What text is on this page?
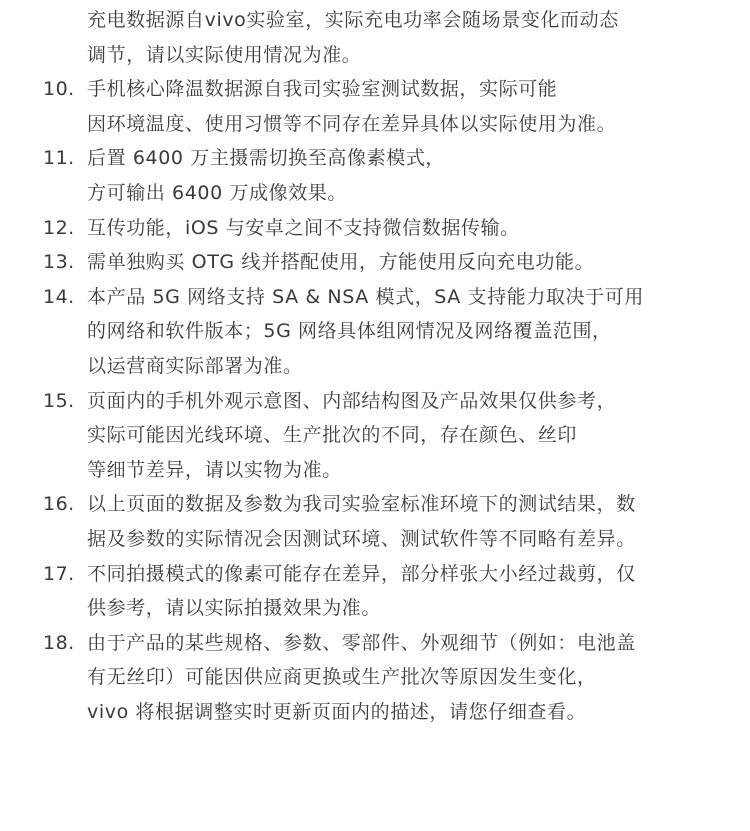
充电数据源自vivo实验室，实际充电功率会随场景变化而动态
调节，请以实际使用情况为准。
10. 手机核心降温数据源自我司实验室测试数据，实际可能
因环境温度、使用习惯等不同存在差异具体以实际使用为准。
11. 后置 6400 万主摄需切换至高像素模式，
方可输出 6400 万成像效果。
12. 互传功能，iOS 与安卓之间不支持微信数据传输。
13. 需单独购买 OTG 线并搭配使用，方能使用反向充电功能。
14. 本产品 5G 网络支持 SA & NSA 模式，SA 支持能力取决于可用
的网络和软件版本；5G 网络具体组网情况及网络覆盖范围，
以运营商实际部署为准。
15. 页面内的手机外观示意图、内部结构图及产品效果仅供参考，
实际可能因光线环境、生产批次的不同，存在颜色、丝印
等细节差异，请以实物为准。
16. 以上页面的数据及参数为我司实验室标准环境下的测试结果，数
据及参数的实际情况会因测试环境、测试软件等不同略有差异。
17. 不同拍摄模式的像素可能存在差异，部分样张大小经过裁剪，仅
供参考，请以实际拍摄效果为准。
18. 由于产品的某些规格、参数、零部件、外观细节（例如：电池盖
有无丝印）可能因供应商更换或生产批次等原因发生变化，
vivo 将根据调整实时更新页面内的描述，请您仔细查看。
